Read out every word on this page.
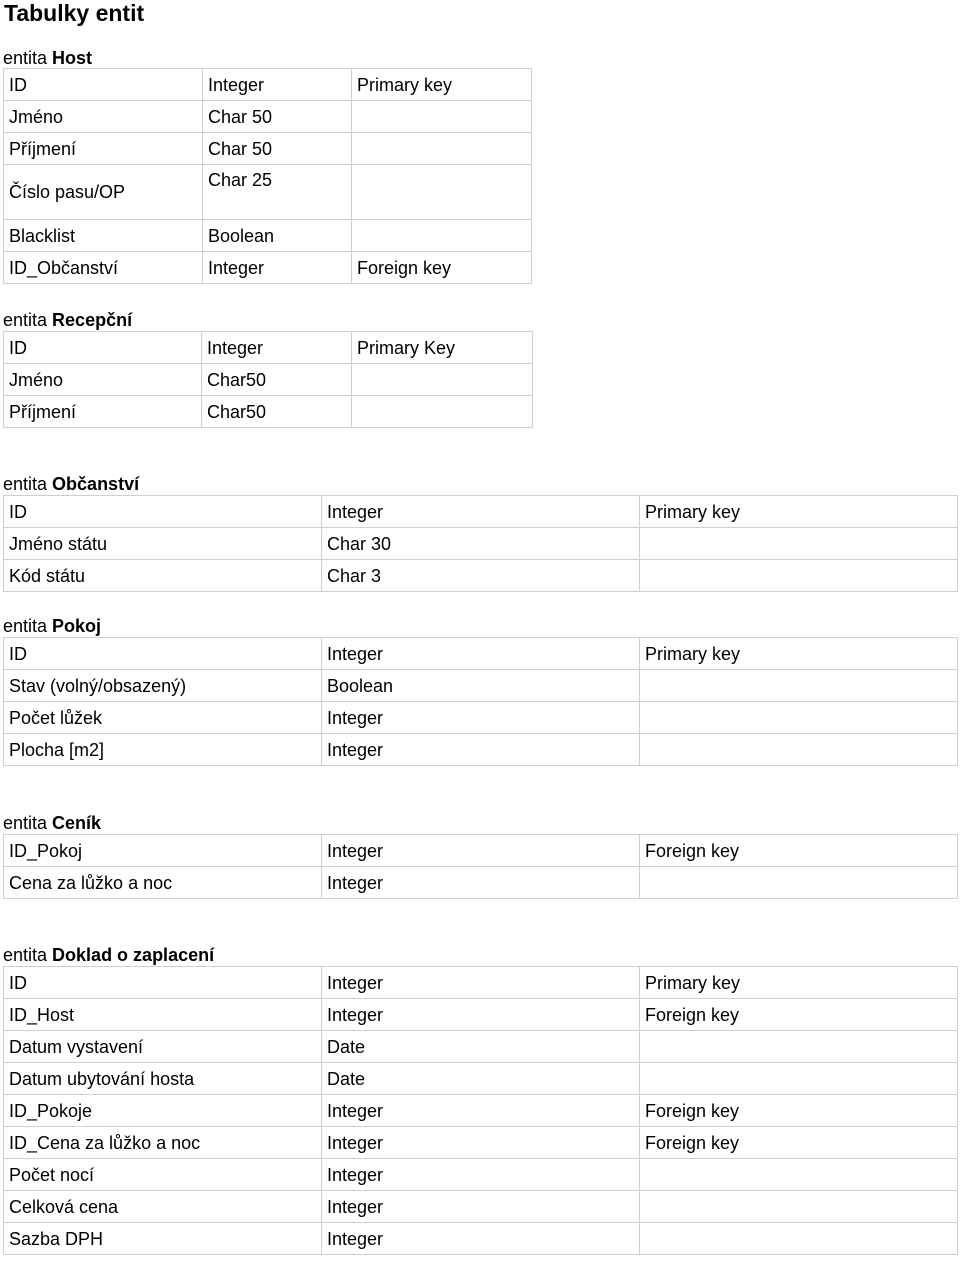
Tabulky entit
entita Host
ID	Integer	Primary key
Jméno	Char 50	
Příjmení	Char 50	
Číslo pasu/OP	Char 25	
Blacklist	Boolean	
ID_Občanství	Integer	Foreign key
entita Recepční
ID	Integer	Primary Key
Jméno	Char50	
Příjmení	Char50	
entita Občanství
ID	Integer	Primary key
Jméno státu	Char 30	
Kód státu	Char 3	
entita Pokoj
ID	Integer	Primary key
Stav (volný/obsazený)	Boolean	
Počet lůžek	Integer	
Plocha [m2]	Integer	
entita Ceník
ID_Pokoj	Integer	Foreign key
Cena za lůžko a noc	Integer	
entita Doklad o zaplacení
ID	Integer	Primary key
ID_Host	Integer	Foreign key
Datum vystavení	Date	
Datum ubytování hosta	Date	
ID_Pokoje	Integer	Foreign key
ID_Cena za lůžko a noc	Integer	Foreign key
Počet nocí	Integer	
Celková cena	Integer	
Sazba DPH	Integer	
